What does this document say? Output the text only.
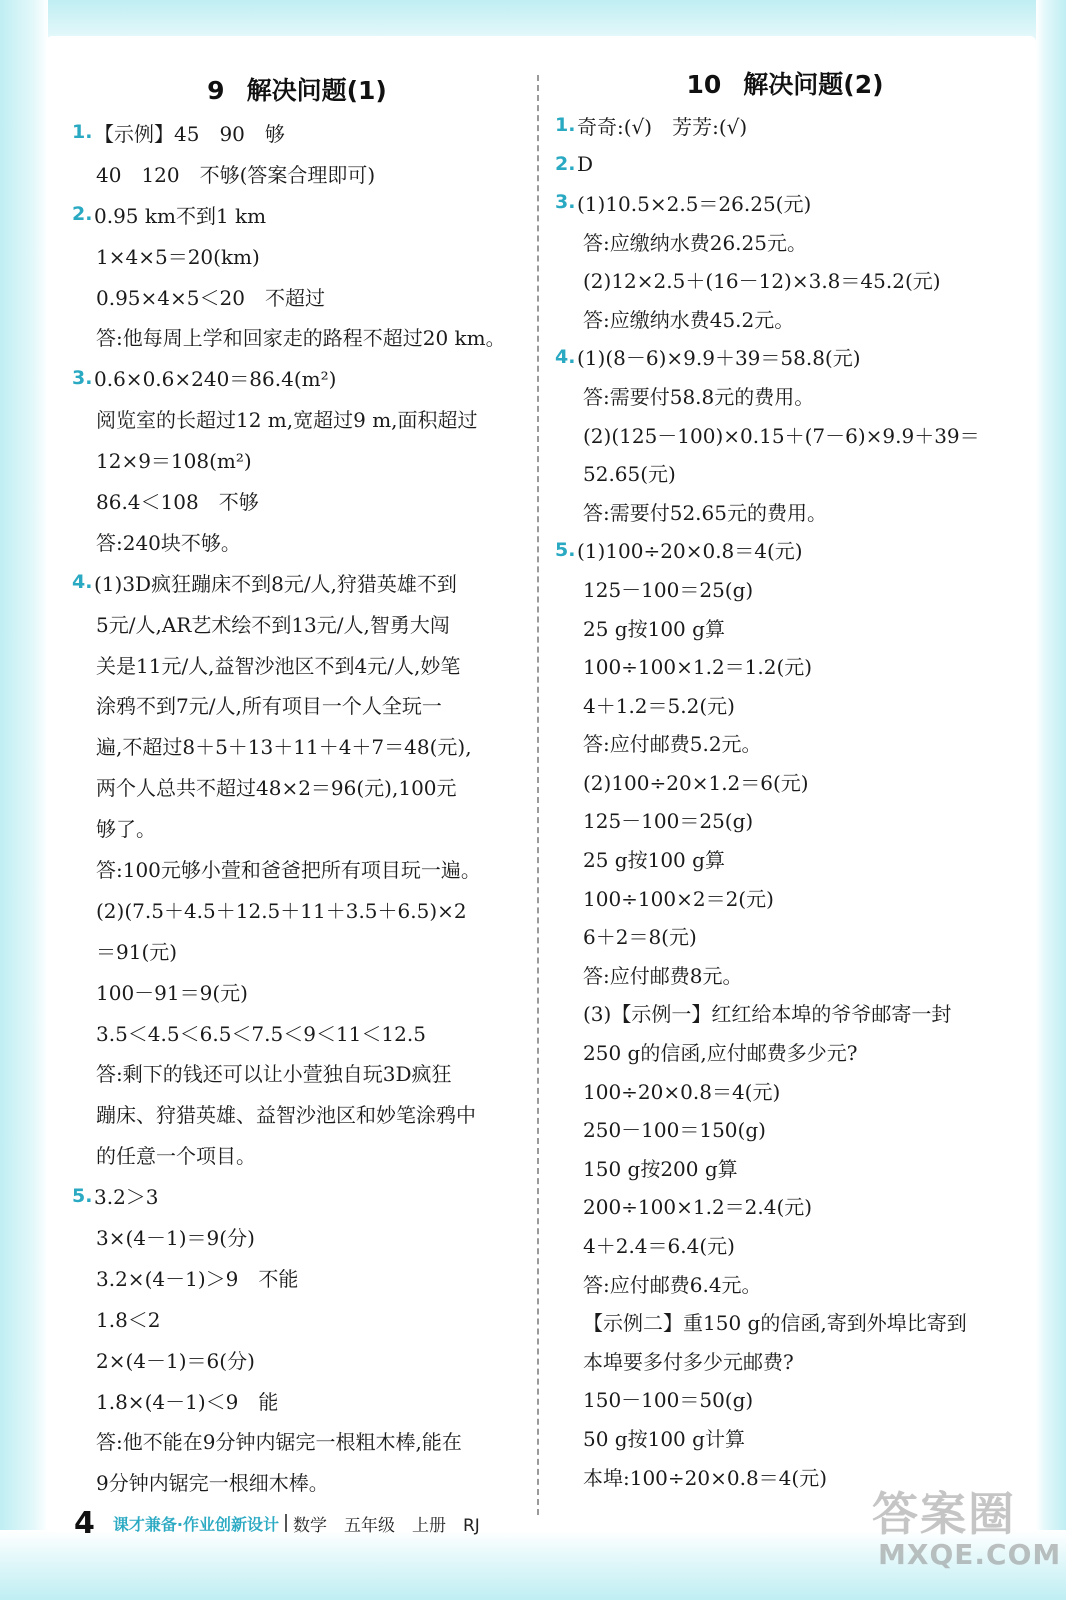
9 解决问题(1)
1. 【示例】45　90　够
40　120　不够(答案合理即可)
2. 0.95 km不到1 km
1×4×5＝20(km)
0.95×4×5＜20　不超过
答:他每周上学和回家走的路程不超过20 km。
3. 0.6×0.6×240＝86.4(m²)
阅览室的长超过12 m,宽超过9 m,面积超过
12×9＝108(m²)
86.4＜108　不够
答:240块不够。
4. (1)3D疯狂蹦床不到8元/人,狩猎英雄不到
5元/人,AR艺术绘不到13元/人,智勇大闯
关是11元/人,益智沙池区不到4元/人,妙笔
涂鸦不到7元/人,所有项目一个人全玩一
遍,不超过8＋5＋13＋11＋4＋7＝48(元),
两个人总共不超过48×2＝96(元),100元
够了。
答:100元够小萱和爸爸把所有项目玩一遍。
(2)(7.5＋4.5＋12.5＋11＋3.5＋6.5)×2
＝91(元)
100－91＝9(元)
3.5＜4.5＜6.5＜7.5＜9＜11＜12.5
答:剩下的钱还可以让小萱独自玩3D疯狂
蹦床、狩猎英雄、益智沙池区和妙笔涂鸦中
的任意一个项目。
5. 3.2＞3
3×(4－1)＝9(分)
3.2×(4－1)＞9　不能
1.8＜2
2×(4－1)＝6(分)
1.8×(4－1)＜9　能
答:他不能在9分钟内锯完一根粗木棒,能在
9分钟内锯完一根细木棒。
10 解决问题(2)
1. 奇奇:(√)　芳芳:(√)
2. D
3. (1)10.5×2.5＝26.25(元)
答:应缴纳水费26.25元。
(2)12×2.5＋(16－12)×3.8＝45.2(元)
答:应缴纳水费45.2元。
4. (1)(8－6)×9.9＋39＝58.8(元)
答:需要付58.8元的费用。
(2)(125－100)×0.15＋(7－6)×9.9＋39＝
52.65(元)
答:需要付52.65元的费用。
5. (1)100÷20×0.8＝4(元)
125－100＝25(g)
25 g按100 g算
100÷100×1.2＝1.2(元)
4＋1.2＝5.2(元)
答:应付邮费5.2元。
(2)100÷20×1.2＝6(元)
125－100＝25(g)
25 g按100 g算
100÷100×2＝2(元)
6＋2＝8(元)
答:应付邮费8元。
(3)【示例一】红红给本埠的爷爷邮寄一封
250 g的信函,应付邮费多少元?
100÷20×0.8＝4(元)
250－100＝150(g)
150 g按200 g算
200÷100×1.2＝2.4(元)
4＋2.4＝6.4(元)
答:应付邮费6.4元。
【示例二】重150 g的信函,寄到外埠比寄到
本埠要多付多少元邮费?
150－100＝50(g)
50 g按100 g计算
本埠:100÷20×0.8＝4(元)
4 课才兼备·作业创新设计 数学　五年级　上册　RJ	答案圈
MXQE.COM
